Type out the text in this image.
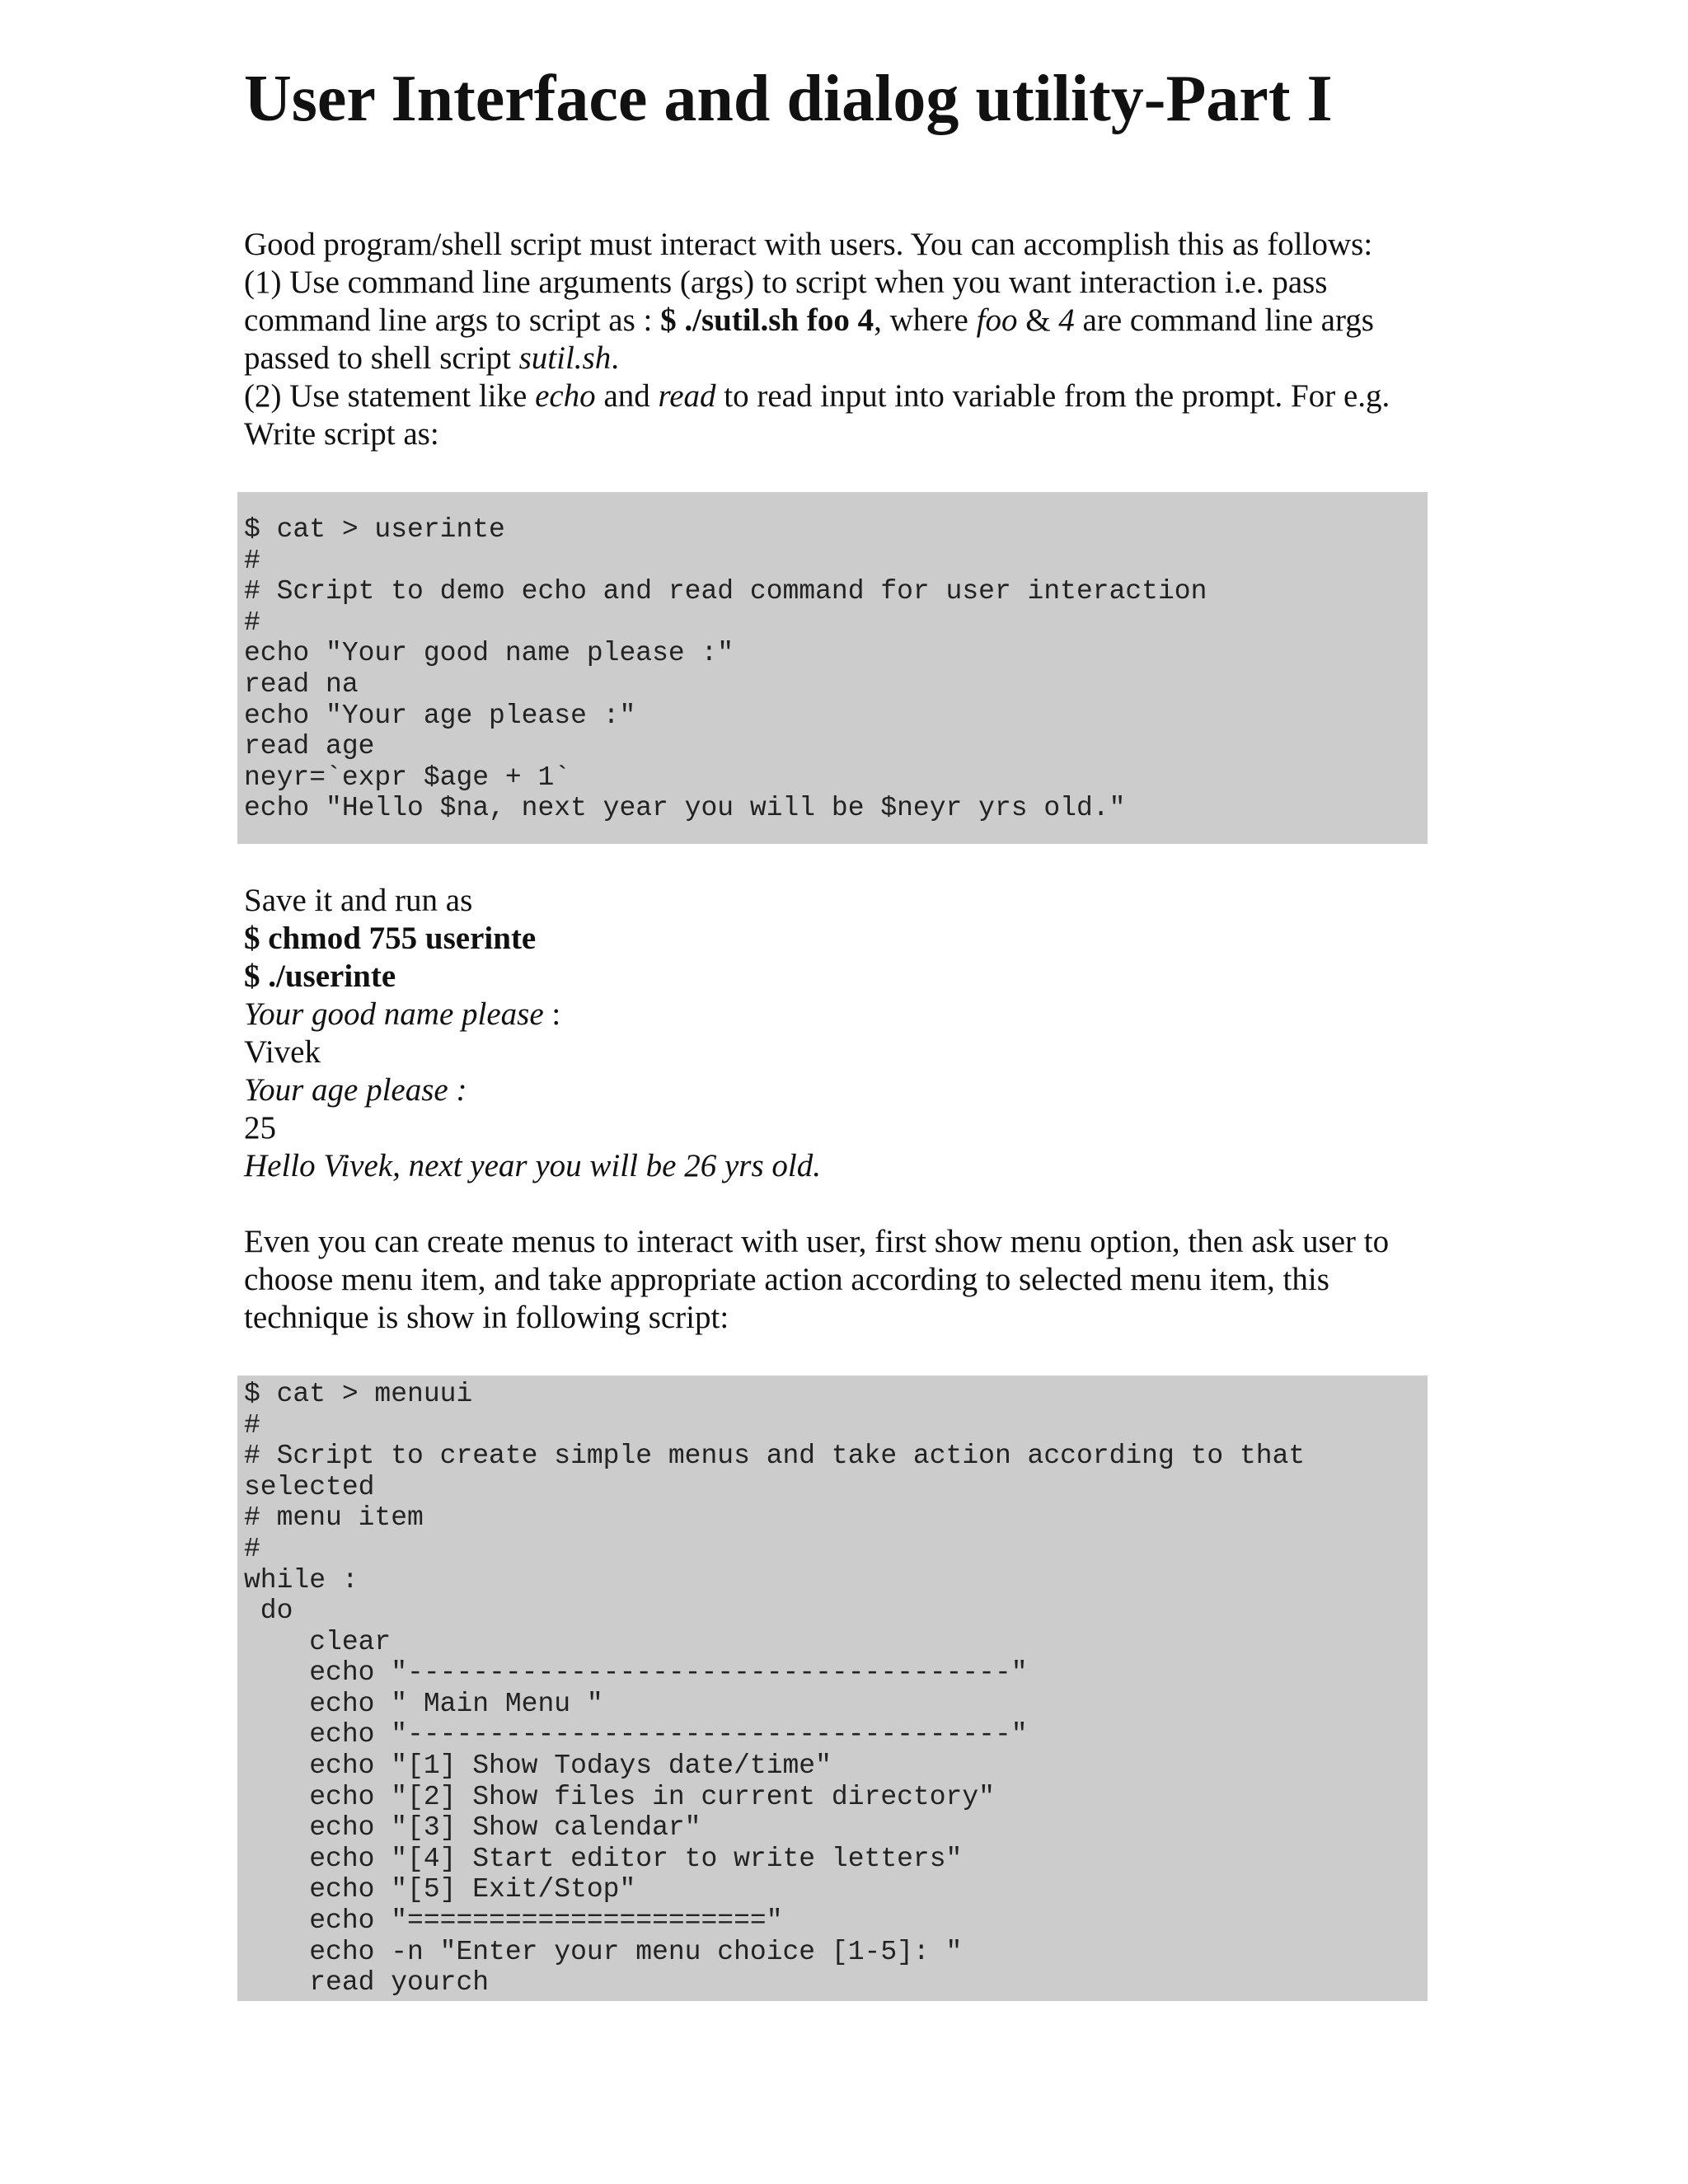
User Interface and dialog utility-Part I
Good program/shell script must interact with users. You can accomplish this as follows:
(1) Use command line arguments (args) to script when you want interaction i.e. pass
command line args to script as : $ ./sutil.sh foo 4, where foo & 4 are command line args
passed to shell script sutil.sh.
(2) Use statement like echo and read to read input into variable from the prompt. For e.g.
Write script as:
$ cat > userinte
#
# Script to demo echo and read command for user interaction
#
echo "Your good name please :"
read na
echo "Your age please :"
read age
neyr=`expr $age + 1`
echo "Hello $na, next year you will be $neyr yrs old."
Save it and run as
$ chmod 755 userinte
$ ./userinte
Your good name please :
Vivek
Your age please :
25
Hello Vivek, next year you will be 26 yrs old.
Even you can create menus to interact with user, first show menu option, then ask user to
choose menu item, and take appropriate action according to selected menu item, this
technique is show in following script:
$ cat > menuui
#
# Script to create simple menus and take action according to that
selected
# menu item
#
while :
do
clear
echo "-------------------------------------"
echo " Main Menu "
echo "-------------------------------------"
echo "[1] Show Todays date/time"
echo "[2] Show files in current directory"
echo "[3] Show calendar"
echo "[4] Start editor to write letters"
echo "[5] Exit/Stop"
echo "======================"
echo -n "Enter your menu choice [1-5]: "
read yourch
